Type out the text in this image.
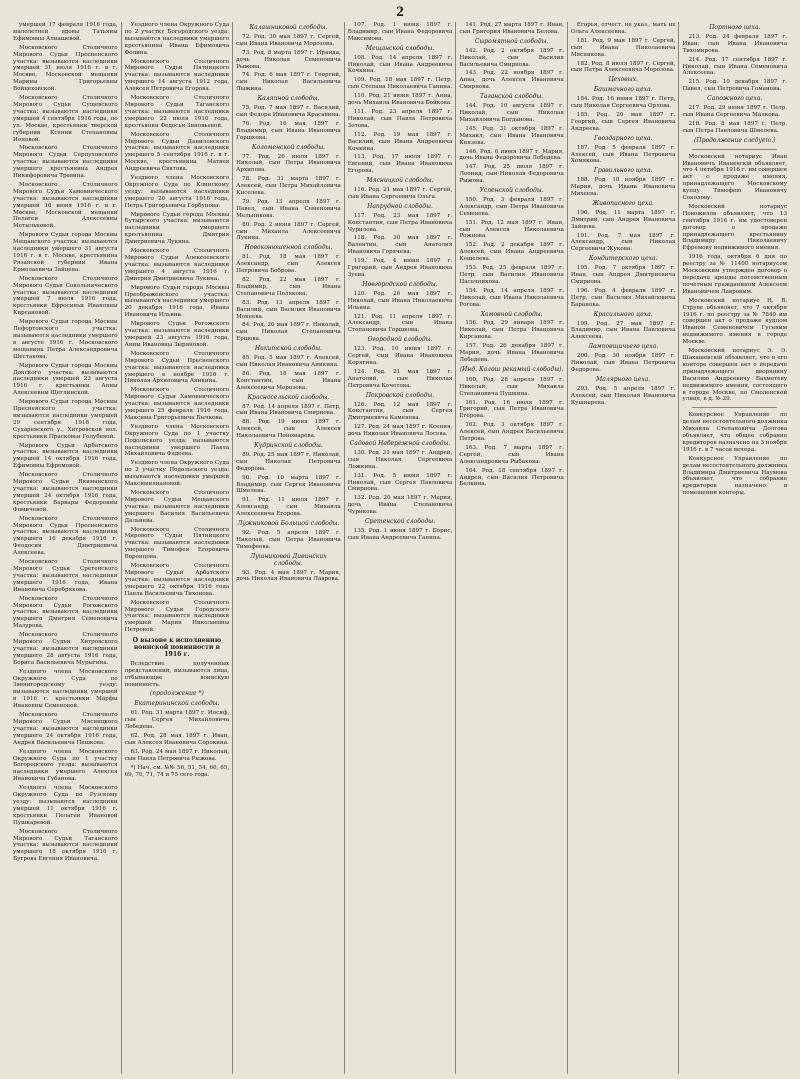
2
умершей 17 февраля 1916 года, малолетней вдовы Татьяны Ефимовны Алиашевой.
Московского Столичного Мирового Судьи Пресненского участка: вызываются наследники умершей 31 июля 1916 г. в г. Москве, Московской мещанки Марины Григорьевны Войцеховской.
Московского Столичного Мирового Судьи Сущевского участка: вызываются наследники умершей 4 сентября 1916 года, по ул. Москве, крестьянки тверской губернии Ксении Степановны Ионовой.
Московского Столичного Мирового Судьи Серпуховского участка: вызываются наследники умершего крестьянина Андрея Никифоровича Травина.
Московского Столичного Мирового Судьи Хамовнического участка: вызываются наследники умершей 16 июня 1916 г. в г. Москве, Московской мещанки Пелагеи Алексеевны Мотыльковой.
Мирового Судьи города Москвы Мещанского участка: вызываются наследники умершего 31 августа 1916 г. в г. Москве, крестьянина Рязанской губернии Ивана Ермолаевича Зайцева.
Московского Столичного Мирового Судьи Сокольнического участка: вызываются наследники умершей 7 июля 1916 года, крестьянки Ефросиньи Ивановны Кирсановой.
Мирового Судьи города Москвы Лефортовского участка: вызываются наследники умершего в августе 1916 г. Московского мещанина Петра Александровича Шестакова.
Мирового Судьи города Москвы Донского участка: вызываются наследники умершей 23 августа 1916 г. крестьянки Анны Алексеевны Щеглинской.
Мирового Судьи города Москвы Пресненского участка: вызываются наследники умершей 29 сентября 1916 года, Сухаревского у., Хитровской вол. крестьянки Прасковьи Голубевой.
Мирового Судьи Арбатского участка: вызываются наследники умершей 14 октября 1916 года, Ефимовны Ефремовой.
Московского Столичного Мирового Судьи Якиманского участка: вызываются наследники умершей 24 октября 1916 года, крестьянки Варвары Федоровны Фомичевой.
Московского Столичного Мирового Судьи Пресненского участка: вызываются наследники умершего 16 декабря 1916 г. Феодосия Дмитриевича Алексеева.
Московского Столичного Мирового Судьи Сретенского участка: вызываются наследники умершего 1916 года, Ивана Ивановича Серебрякова.
Московского Столичного Мирового Судьи Рогожского участка: вызываются наследники умершего Дмитрия Семеновича Мазурова.
Московского Столичного Мирового Судьи Хитровского участка: вызываются наследники умершего 28 августа 1916 года, Бориса Васильевича Мурыгина.
Уездного члена Московского Окружного Суда по Звенигородскому уезду: вызываются наследники умершей в 1916 г. крестьянки Марфы Ивановны Семеновой.
Московского Столичного Мирового Судьи Мясницкого участка: вызываются наследники умершего 24 октября 1916 года, Андрея Васильевича Пешкова.
Уездного члена Московского Окружного Суда по 1 участку Богородского уезда: вызываются наследники умершего Алексея Ивановича Губанова.
Уездного члена Московского Окружного Суда по Рузскому уезду: вызываются наследники умершей 11 октября 1916 г. крестьянки Пелагеи Ивановой Пушкаревой.
Московского Столичного Мирового Судьи Таганского участка: вызываются наследники умершего 18 октября 1916 г. Бугрова Евгения Ивановича.
Уездного члена Окружного Суда по 2 участку Богородского уезда: вызываются наследники умершего крестьянина Ивана Ефимовича Фолина.
Московского Столичного Мирового Судьи Пятницкого участка: вызываются наследники умершего 14 августа 1912 года, Алексея Петровича Егорова.
Московского Столичного Мирового Судьи Таганского участка: вызываются наследники умершего 22 июля 1916 года, крестьянки Федосьи Зиновьевой.
Московского Столичного Мирового Судьи Даниловского участка: вызываются наследники умершего 5 сентября 1916 г. в г. Москве, крестьянина Матвея Андреевича Святова.
Уездного члена Московского Окружного Суда по Клинскому уезду: вызываются наследники умершего 20 августа 1916 года, Петра Григорьевича Горбунова.
Мирового Судьи города Москвы Бутырского участка: вызываются наследники умершего крестьянина Дмитрия Дмитриевича Лукина.
Московского Столичного Мирового Судьи Алексеевского участка: вызываются наследники умершего 4 августа 1916 г. Дмитрия Дмитриевича Лукина.
Мирового Судьи города Москвы Преображенского участка: вызываются наследники умершего 20 декабря 1916 года, Ивана Ивановича Ильина.
Мирового Судьи Рогожского участка: вызываются наследники умершей 23 августа 1916 года, Анны Ивановны Зыряновой.
Московского Столичного Мирового Судьи Пресненского участка: вызываются наследники умершего в ноябре 1916 г. Николая Архиповича Аникина.
Московского Столичного Мирового Судьи Хамовнического участка: вызываются наследники умершего 25 февраля 1916 года, Максима Григорьевича Бычкова.
Уездного члена Московского Окружного Суда по 1 участку Подольского уезда: вызываются наследники умершего Павла Михайловича Фадеева.
Уездного члена Окружного Суда по 2 участку Подольского уезда: вызываются наследники умершей Максимилиановой.
Московского Столичного Мирового Судьи Мещанского участка: вызываются наследники умершего Василия Васильевича Дальнева.
Московского Столичного Мирового Судьи Пятницкого участка: вызываются наследники умершего Тимофея Егоровича Воронцова.
Московского Столичного Мирового Судьи Арбатского участка: вызываются наследники умершего 22 октября 1916 года Павла Васильевича Тихонова.
Московского Столичного Мирового Судьи Городского участка: вызываются наследники умершей Марии Николаевны Петровой.
О вызове к исполнению воинской повинности в 1916 г.
Вследствие полученных представлений, вызываются лица, отбывающие воинскую повинность.
(продолжение *)
Екатерининской слободы.
61. Род. 31 марта 1897 г. Иосиф, сын Сергея Михайловича Лебедева.
62. Род. 28 мая 1897 г. Иван, сын Алексея Ивановича Сорокина.
63. Род. 24 мая 1897 г. Николай, сын Павла Петровича Рыжова.
*) Нач. см. №№ 56, 51, 54, 60, 65, 69, 70, 71, 74 и 75 сего года.
Калашниковой слободы.
72. Род. 30 мая 1897 г. Сергей, сын Ивана Ивановича Морозова.
73. Род. 8 марта 1897 г. Ираида, дочь Николая Семеновича Рыжова.
74. Род. 6 мая 1897 г. Георгий, сын Николая Васильевича Лыжина.
Каляпной слободы.
75. Род. 7 мая 1897 г. Василий, сын Федора Ивановича Красавина.
76. Род. 16 мая 1897 г. Владимир, сын Ивана Ивановича Горшкова.
Коломенской слободы.
77. Род. 26 июля 1897 г. Николай, сын Петра Ивановича Архипова.
78. Род. 31 марта 1897 г. Алексей, сын Петра Михайловича Киселева.
79. Род. 13 апреля 1897 г. Павел, сын Ивана Семеновича Мельникова.
80. Род. 2 июня 1897 г. Сергей, сын Михаила Алексеевича Лукина.
Новоконюшенной слободы.
81. Род. 18 мая 1897 г. Александр, сын Алексея Петровича Боброва.
82. Род. 22 мая 1897 г. Владимир, сын Ивана Степановича Полякова.
83. Род. 13 апреля 1897 г. Василий, сын Василия Ивановича Мокеева.
84. Род. 20 мая 1897 г. Николай, сын Николая Степановича Ершова.
Никитской слободы.
85. Род. 5 мая 1897 г. Алексей, сын Николая Ивановича Аникина.
86. Род. 18 мая 1897 г. Константин, сын Ивана Алексеевича Морозова.
Красносельской слободы.
87. Род. 14 апреля 1897 г. Петр, сын Ивана Ивановича Смирнова.
88. Род. 19 июня 1897 г. Алексей, сын Алексея Николаевича Пономарева.
Кудринской слободы.
89. Род. 25 мая 1897 г. Николай, сын Николая Петровича Федорова.
90. Род. 10 марта 1897 г. Владимир, сын Сергея Ивановича Шмелева.
91. Род. 11 июля 1897 г. Александр, сын Михаила Алексеевича Егорова.
Лужниковой Большой слободы.
92. Род. 5 апреля 1897 г. Николай, сын Петра Ивановича Тимофеева.
Лушниковой Дивинских слободы.
93. Род. 4 мая 1897 г. Мария, дочь Николая Ивановича Лаврова.
107. Род. 1 июня 1897 г. Владимир, сын Ивана Федоровича Максимова.
Мещанской слободы.
108. Род. 14 апреля 1897 г. Николай, сын Ивана Андреевича Кочкина.
109. Род. 18 мая 1897 г. Петр, сын Степана Николаевича Ганина.
110. Род. 21 июня 1897 г. Анна, дочь Михаила Ивановича Бойкова.
111. Род. 23 апреля 1897 г. Николай, сын Павла Петровича Зотова.
112. Род. 19 мая 1897 г. Василий, сын Ивана Андреевича Кочкина.
113. Род. 17 июля 1897 г. Евгений, сын Ивана Ивановича Егорова.
Мясницкой слободы.
116. Род. 21 мая 1897 г. Сергей, сын Ивана Сергеевича Ольга.
Напрудной слободы.
117. Род. 23 мая 1897 г. Константин, сын Петра Ивановича Чурилова.
118. Род. 30 мая 1897 г. Валентин, сын Анатолия Ивановича Горячева.
119. Род. 4 июня 1897 г. Григорий, сын Андрея Ивановича Зуева.
Новгородской слободы.
120. Род. 26 мая 1897 г. Николай, сын Ивана Николаевича Ильина.
121. Род. 11 апреля 1897 г. Александр, сын Ивана Степановича Горшкова.
Огородной слободы.
123. Род. 10 июня 1897 г. Сергей, сын Ивана Ивановича Корягина.
124. Род. 21 мая 1897 г. Анатолий, сын Николая Петровича Кочетова.
Покровской слободы.
126. Род. 12 мая 1897 г. Константин, сын Сергея Дмитриевича Каменева.
127. Род. 24 мая 1897 г. Ксения, дочь Николая Ивановича Лосева.
Садовой Набережной слободы.
130. Род. 31 мая 1897 г. Андрей, сын Николая Сергеевича Ложкина.
131. Род. 5 июня 1897 г. Николай, сын Сергея Павловича Смирнова.
132. Род. 20 мая 1897 г. Мария, дочь Ивана Степановича Чурикова.
Сретенской слободы.
135. Род. 1 июня 1897 г. Борис, сын Ивана Андреевича Ганина.
141. Род. 27 марта 1897 г. Иван, сын Григория Ивановича Белова.
Сыромятной слободы.
142. Род. 2 октября 1897 г. Николай, сын Василия Васильевича Смирнова.
143. Род. 22 ноября 1897 г. Анна, дочь Алексея Ивановича Смирнова.
Таганской слободы.
144. Род. 10 августа 1897 г. Николай, сын Николая Михайловича Богданова.
145. Род. 31 октября 1897 г. Михаил, сын Ивана Ивановича Князева.
146. Род. 6 июня 1897 г. Мария, дочь Ивана Федоровича Лебедева.
147. Род. 25 июля 1897 г. Леонид, сын Николая Федоровича Рыжова.
Успенской слободы.
150. Род. 3 февраля 1897 г. Александр, сын Петра Ивановича Семенова.
151. Род. 12 мая 1897 г. Иван, сын Алексея Николаевича Рожнова.
152. Род. 2 декабря 1897 г. Алексей, сын Ивана Андреевича Кошелева.
153. Род. 25 февраля 1897 г. Петр, сын Василия Ивановича Пасечникова.
154. Род. 14 апреля 1897 г. Николай, сын Ивана Николаевича Рогова.
Хамовной слободы.
156. Род. 29 января 1897 г. Николай, сын Петра Ивановича Кирсанова.
157. Род. 26 декабря 1897 г. Мария, дочь Ивана Ивановича Лебедева.
(Инд. Калош рекамый слободы).
160. Род. 28 апреля 1897 г. Николай, сын Михаила Степановича Пушкина.
161. Род. 16 июля 1897 г. Григорий, сын Петра Ивановича Егорова.
162. Род. 3 октября 1897 г. Алексей, сын Андрея Васильевича Петрова.
163. Род. 7 марта 1897 г. Сергей, сын Ивана Александровича Рыбакова.
164. Род. 18 сентября 1897 г. Андрей, сын Василия Петровича Белкина.
Егорья, отчест. не указ., мать их Ольга Алексеевна.
181. Род. 9 мая 1897 г. Сергей, сын Ивана Николаевича Мясникова.
182. Род. 8 июля 1897 г. Сергей, сын Петра Алексеевича Морозова.
Цеховых.
Башмачного цеха.
184. Род. 16 июня 1897 г. Петр, сын Николая Сергеевича Орлова.
185. Род. 20 мая 1897 г. Георгий, сын Сергея Ивановича Андреева.
Гвоздарного цеха.
187. Род. 5 февраля 1897 г. Алексей, сын Ивана Петровича Хомякова.
Гравильного цеха.
188. Род. 18 ноября 1897 г. Мария, дочь Ивана Ивановича Михеева.
Живописного цеха.
190. Род. 11 марта 1897 г. Дмитрий, сын Андрея Ивановича Зайцева.
191. Род. 7 мая 1897 г. Александр, сын Николая Сергеевича Жукова.
Кондитерского цеха.
195. Род. 7 октября 1897 г. Иван, сын Андрея Дмитриевича Смирнова.
196. Род. 4 февраля 1897 г. Петр, сын Василия Михайловича Баранова.
Красильного цеха.
199. Род. 27 мая 1897 г. Владимир, сын Ивана Павловича Алексеева.
Ламповщичьего цеха.
200. Род. 30 ноября 1897 г. Николай, сын Ивана Петровича Федорова.
Малярного цеха.
203. Род. 5 апреля 1897 г. Алексей, сын Николая Ивановича Кушнарева.
Портного цеха.
213. Род. 24 февраля 1897 г. Иван, сын Ивана Ивановича Тихомирова.
214. Род. 17 сентября 1897 г. Николай, сын Ивана Семеновича Алексеева.
215. Род. 10 декабря 1897 г. Павел, сын Петровича Гоманова.
Сапожного цеха.
217. Род. 29 июня 1897 г. Петр, сын Ивана Сергеевича Малкова.
218. Род. 8 мая 1897 г. Петр, сын Петра Павловича Шмелева.
(Продолжение следует.)
Московский нотариус Иван Ивановичъ Иваневскій объявляет, что 4 октября 1916 г. им совершен акт о продаже имения, принадлежащего Московскому купцу Тимофею Ивановичу Соколову.
Московский нотариус Новожилов объявляет, что 13 сентября 1916 г. им удостоверен договор о продаже принадлежащего крестьянину Владимиру Николаевичу Ефремову недвижимого имения.
1916 года, октября 6 дня по реестру за № 11400 нотариусом Московским утвержден договор о передаче аренды потомственным почетным гражданином Алексеем Ивановичем Лавровым.
Московский нотариус Н. В. Струве объявляет, что 7 октября 1916 г. по реестру за № 7840 им совершен акт о продаже купцом Иваном Семеновичем Гусевым недвижимого имения в городе Москве.
Московский нотариус Э. Э. Шахашевскій объявляет, что в его конторе совершен акт о передаче принадлежащего дворянину Василию Андреевичу Бахметеву недвижимого имения, состоящего в городе Москве, по Смоленской улице, в д. № 29.
Конкурсное Управление по делам несостоятельного должника Михаила Степановича Долгова объявляет, что общее собрание кредиторов назначено на 3 ноября 1916 г. в 7 часов вечера.
Конкурсное Управление по делам несостоятельного должника Владимира Дмитриевича Наумова объявляет, что собрание кредиторов назначено в помещении конторы.
